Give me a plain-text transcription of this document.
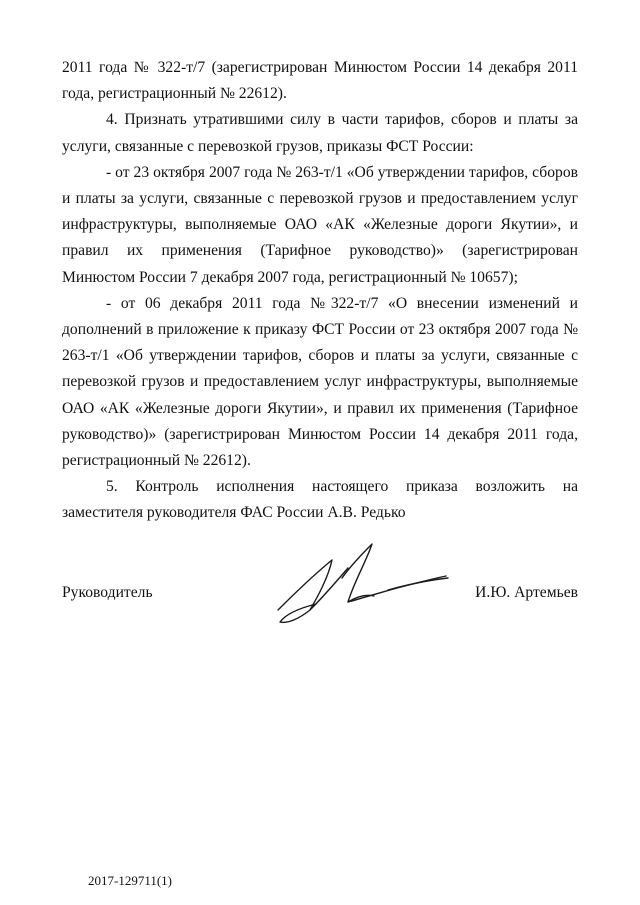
2011 года № 322-т/7 (зарегистрирован Минюстом России 14 декабря 2011 года, регистрационный № 22612).

4. Признать утратившими силу в части тарифов, сборов и платы за услуги, связанные с перевозкой грузов, приказы ФСТ России:

- от 23 октября 2007 года № 263-т/1 «Об утверждении тарифов, сборов и платы за услуги, связанные с перевозкой грузов и предоставлением услуг инфраструктуры, выполняемые ОАО «АК «Железные дороги Якутии», и правил их применения (Тарифное руководство)» (зарегистрирован Минюстом России 7 декабря 2007 года, регистрационный № 10657);

- от 06 декабря 2011 года №322-т/7 «О внесении изменений и дополнений в приложение к приказу ФСТ России от 23 октября 2007 года № 263-т/1 «Об утверждении тарифов, сборов и платы за услуги, связанные с перевозкой грузов и предоставлением услуг инфраструктуры, выполняемые ОАО «АК «Железные дороги Якутии», и правил их применения (Тарифное руководство)» (зарегистрирован Минюстом России 14 декабря 2011 года, регистрационный № 22612).

5. Контроль исполнения настоящего приказа возложить на заместителя руководителя ФАС России А.В. Редько

Руководитель	И.Ю. Артемьев
2017-129711(1)
